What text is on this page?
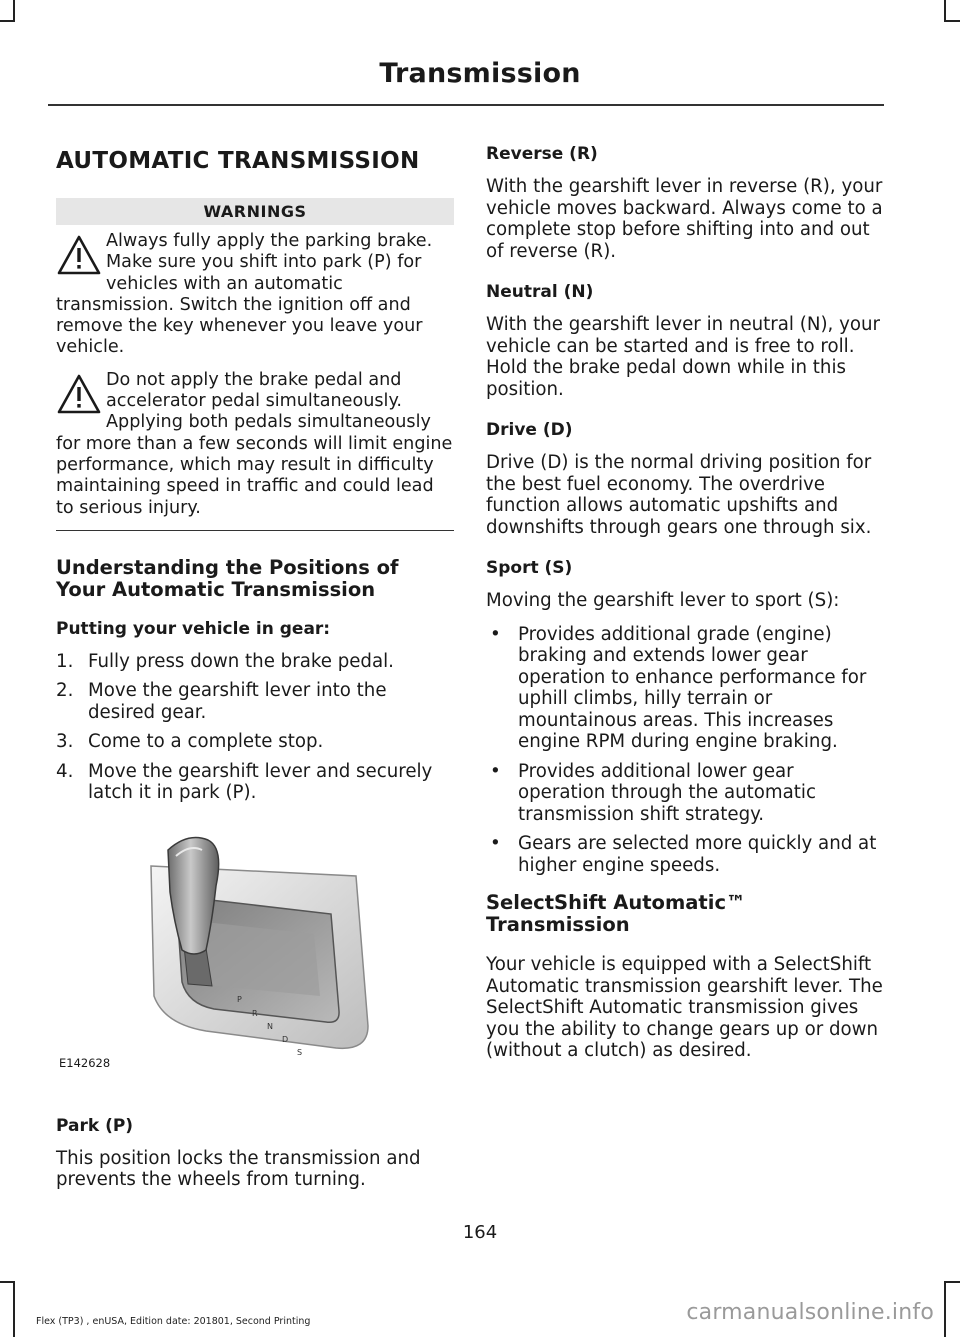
Transmission
AUTOMATIC TRANSMISSION
WARNINGS

Always fully apply the parking brake. Make sure you shift into park (P) for vehicles with an automatic transmission. Switch the ignition off and remove the key whenever you leave your vehicle.

Do not apply the brake pedal and accelerator pedal simultaneously. Applying both pedals simultaneously for more than a few seconds will limit engine performance, which may result in difficulty maintaining speed in traffic and could lead to serious injury.

Understanding the Positions of Your Automatic Transmission
Putting your vehicle in gear:
1. Fully press down the brake pedal.
2. Move the gearshift lever into the desired gear.
3. Come to a complete stop.
4. Move the gearshift lever and securely latch it in park (P).
P
R
N
D
S
E142628
Park (P)

This position locks the transmission and prevents the wheels from turning.

Reverse (R)

With the gearshift lever in reverse (R), your vehicle moves backward. Always come to a complete stop before shifting into and out of reverse (R).

Neutral (N)

With the gearshift lever in neutral (N), your vehicle can be started and is free to roll. Hold the brake pedal down while in this position.

Drive (D)

Drive (D) is the normal driving position for the best fuel economy. The overdrive function allows automatic upshifts and downshifts through gears one through six.

Sport (S)

Moving the gearshift lever to sport (S):

• Provides additional grade (engine) braking and extends lower gear operation to enhance performance for uphill climbs, hilly terrain or mountainous areas. This increases engine RPM during engine braking.
• Provides additional lower gear operation through the automatic transmission shift strategy.
• Gears are selected more quickly and at higher engine speeds.
SelectShift Automatic™ Transmission

Your vehicle is equipped with a SelectShift Automatic transmission gearshift lever. The SelectShift Automatic transmission gives you the ability to change gears up or down (without a clutch) as desired.

164
Flex (TP3) , enUSA, Edition date: 201801, Second Printing	carmanualsonline.info
